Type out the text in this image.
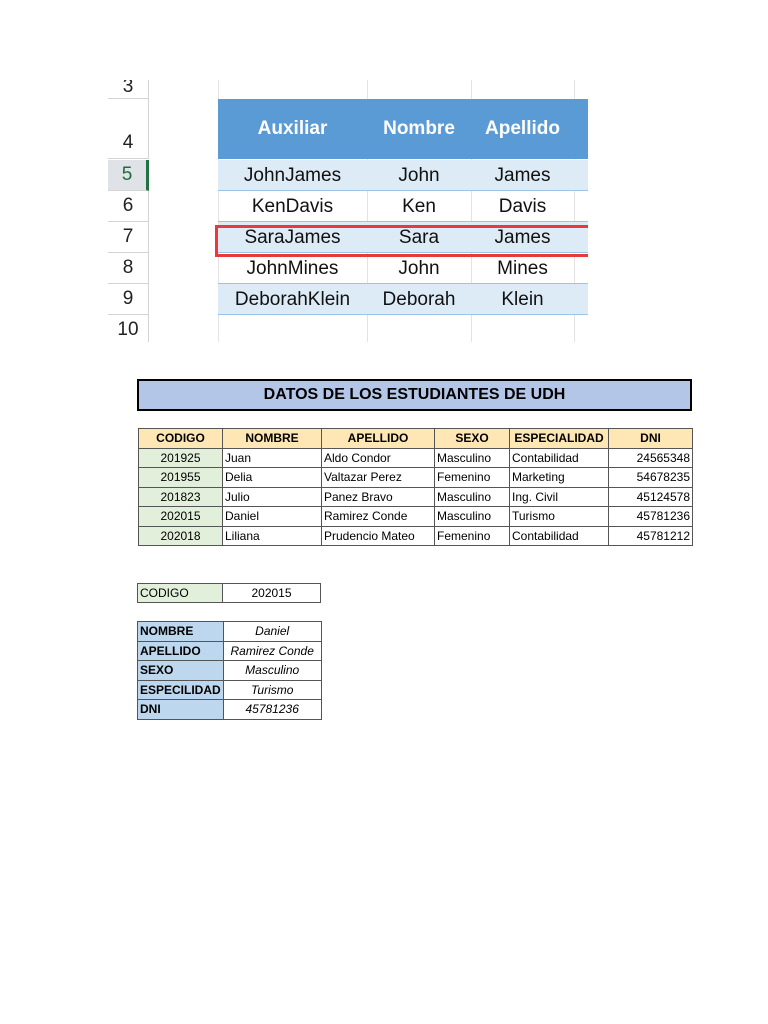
3
4
5
6
7
8
9
10
Auxiliar	Nombre	Apellido
JohnJames	John	James
KenDavis	Ken	Davis
SaraJames	Sara	James
JohnMines	John	Mines
DeborahKlein	Deborah	Klein
DATOS DE LOS ESTUDIANTES DE UDH
CODIGO	NOMBRE	APELLIDO	SEXO	ESPECIALIDAD	DNI
201925	Juan	Aldo Condor	Masculino	Contabilidad	24565348
201955	Delia	Valtazar Perez	Femenino	Marketing	54678235
201823	Julio	Panez Bravo	Masculino	Ing. Civil	45124578
202015	Daniel	Ramirez Conde	Masculino	Turismo	45781236
202018	Liliana	Prudencio Mateo	Femenino	Contabilidad	45781212
CODIGO	202015
NOMBRE	Daniel
APELLIDO	Ramirez Conde
SEXO	Masculino
ESPECILIDAD	Turismo
DNI	45781236
